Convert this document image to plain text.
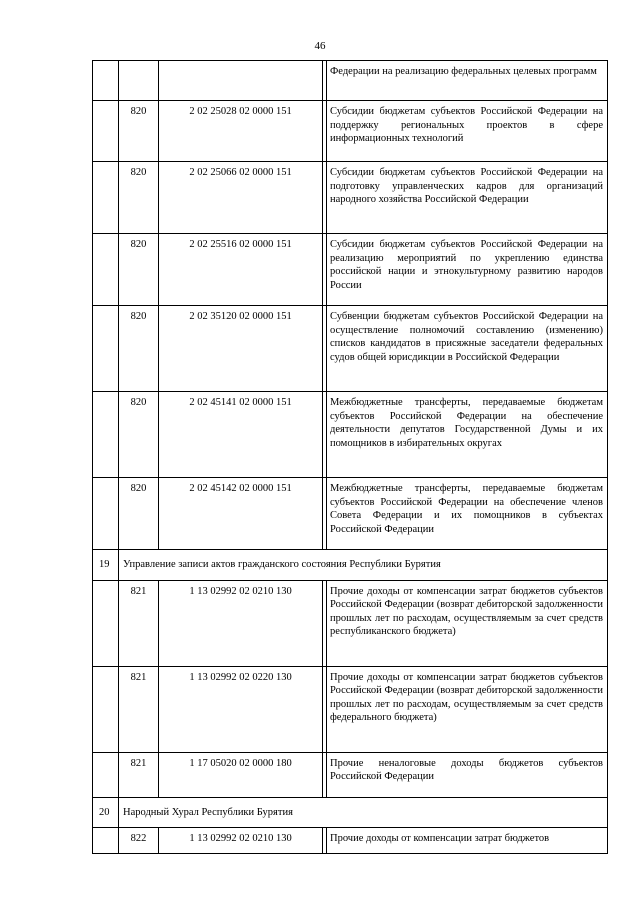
46
				Федерации на реализацию федеральных целевых программ
	820	2 02 25028 02 0000 151		Субсидии бюджетам субъектов Российской Федерации на поддержку региональных проектов в сфере информационных технологий
	820	2 02 25066 02 0000 151		Субсидии бюджетам субъектов Российской Федерации на подготовку управленческих кадров для организаций народного хозяйства Российской Федерации
	820	2 02 25516 02 0000 151		Субсидии бюджетам субъектов Российской Федерации на реализацию мероприятий по укреплению единства российской нации и этнокультурному развитию народов России
	820	2 02 35120 02 0000 151		Субвенции бюджетам субъектов Российской Федерации на осуществление полномочий составлению (изменению) списков кандидатов в присяжные заседатели федеральных судов общей юрисдикции в Российской Федерации
	820	2 02 45141 02 0000 151		Межбюджетные трансферты, передаваемые бюджетам субъектов Российской Федерации на обеспечение деятельности депутатов Государственной Думы и их помощников в избирательных округах
	820	2 02 45142 02 0000 151		Межбюджетные трансферты, передаваемые бюджетам субъектов Российской Федерации на обеспечение членов Совета Федерации и их помощников в субъектах Российской Федерации
19	Управление записи актов гражданского состояния Республики Бурятия			
	821	1 13 02992 02 0210 130		Прочие доходы от компенсации затрат бюджетов субъектов Российской Федерации (возврат дебиторской задолженности прошлых лет по расходам, осуществляемым за счет средств республиканского бюджета)
	821	1 13 02992 02 0220 130		Прочие доходы от компенсации затрат бюджетов субъектов Российской Федерации (возврат дебиторской задолженности прошлых лет по расходам, осуществляемым за счет средств федерального бюджета)
	821	1 17 05020 02 0000 180		Прочие неналоговые доходы бюджетов субъектов Российской Федерации
20	Народный Хурал Республики Бурятия			
	822	1 13 02992 02 0210 130		Прочие доходы от компенсации затрат бюджетов
